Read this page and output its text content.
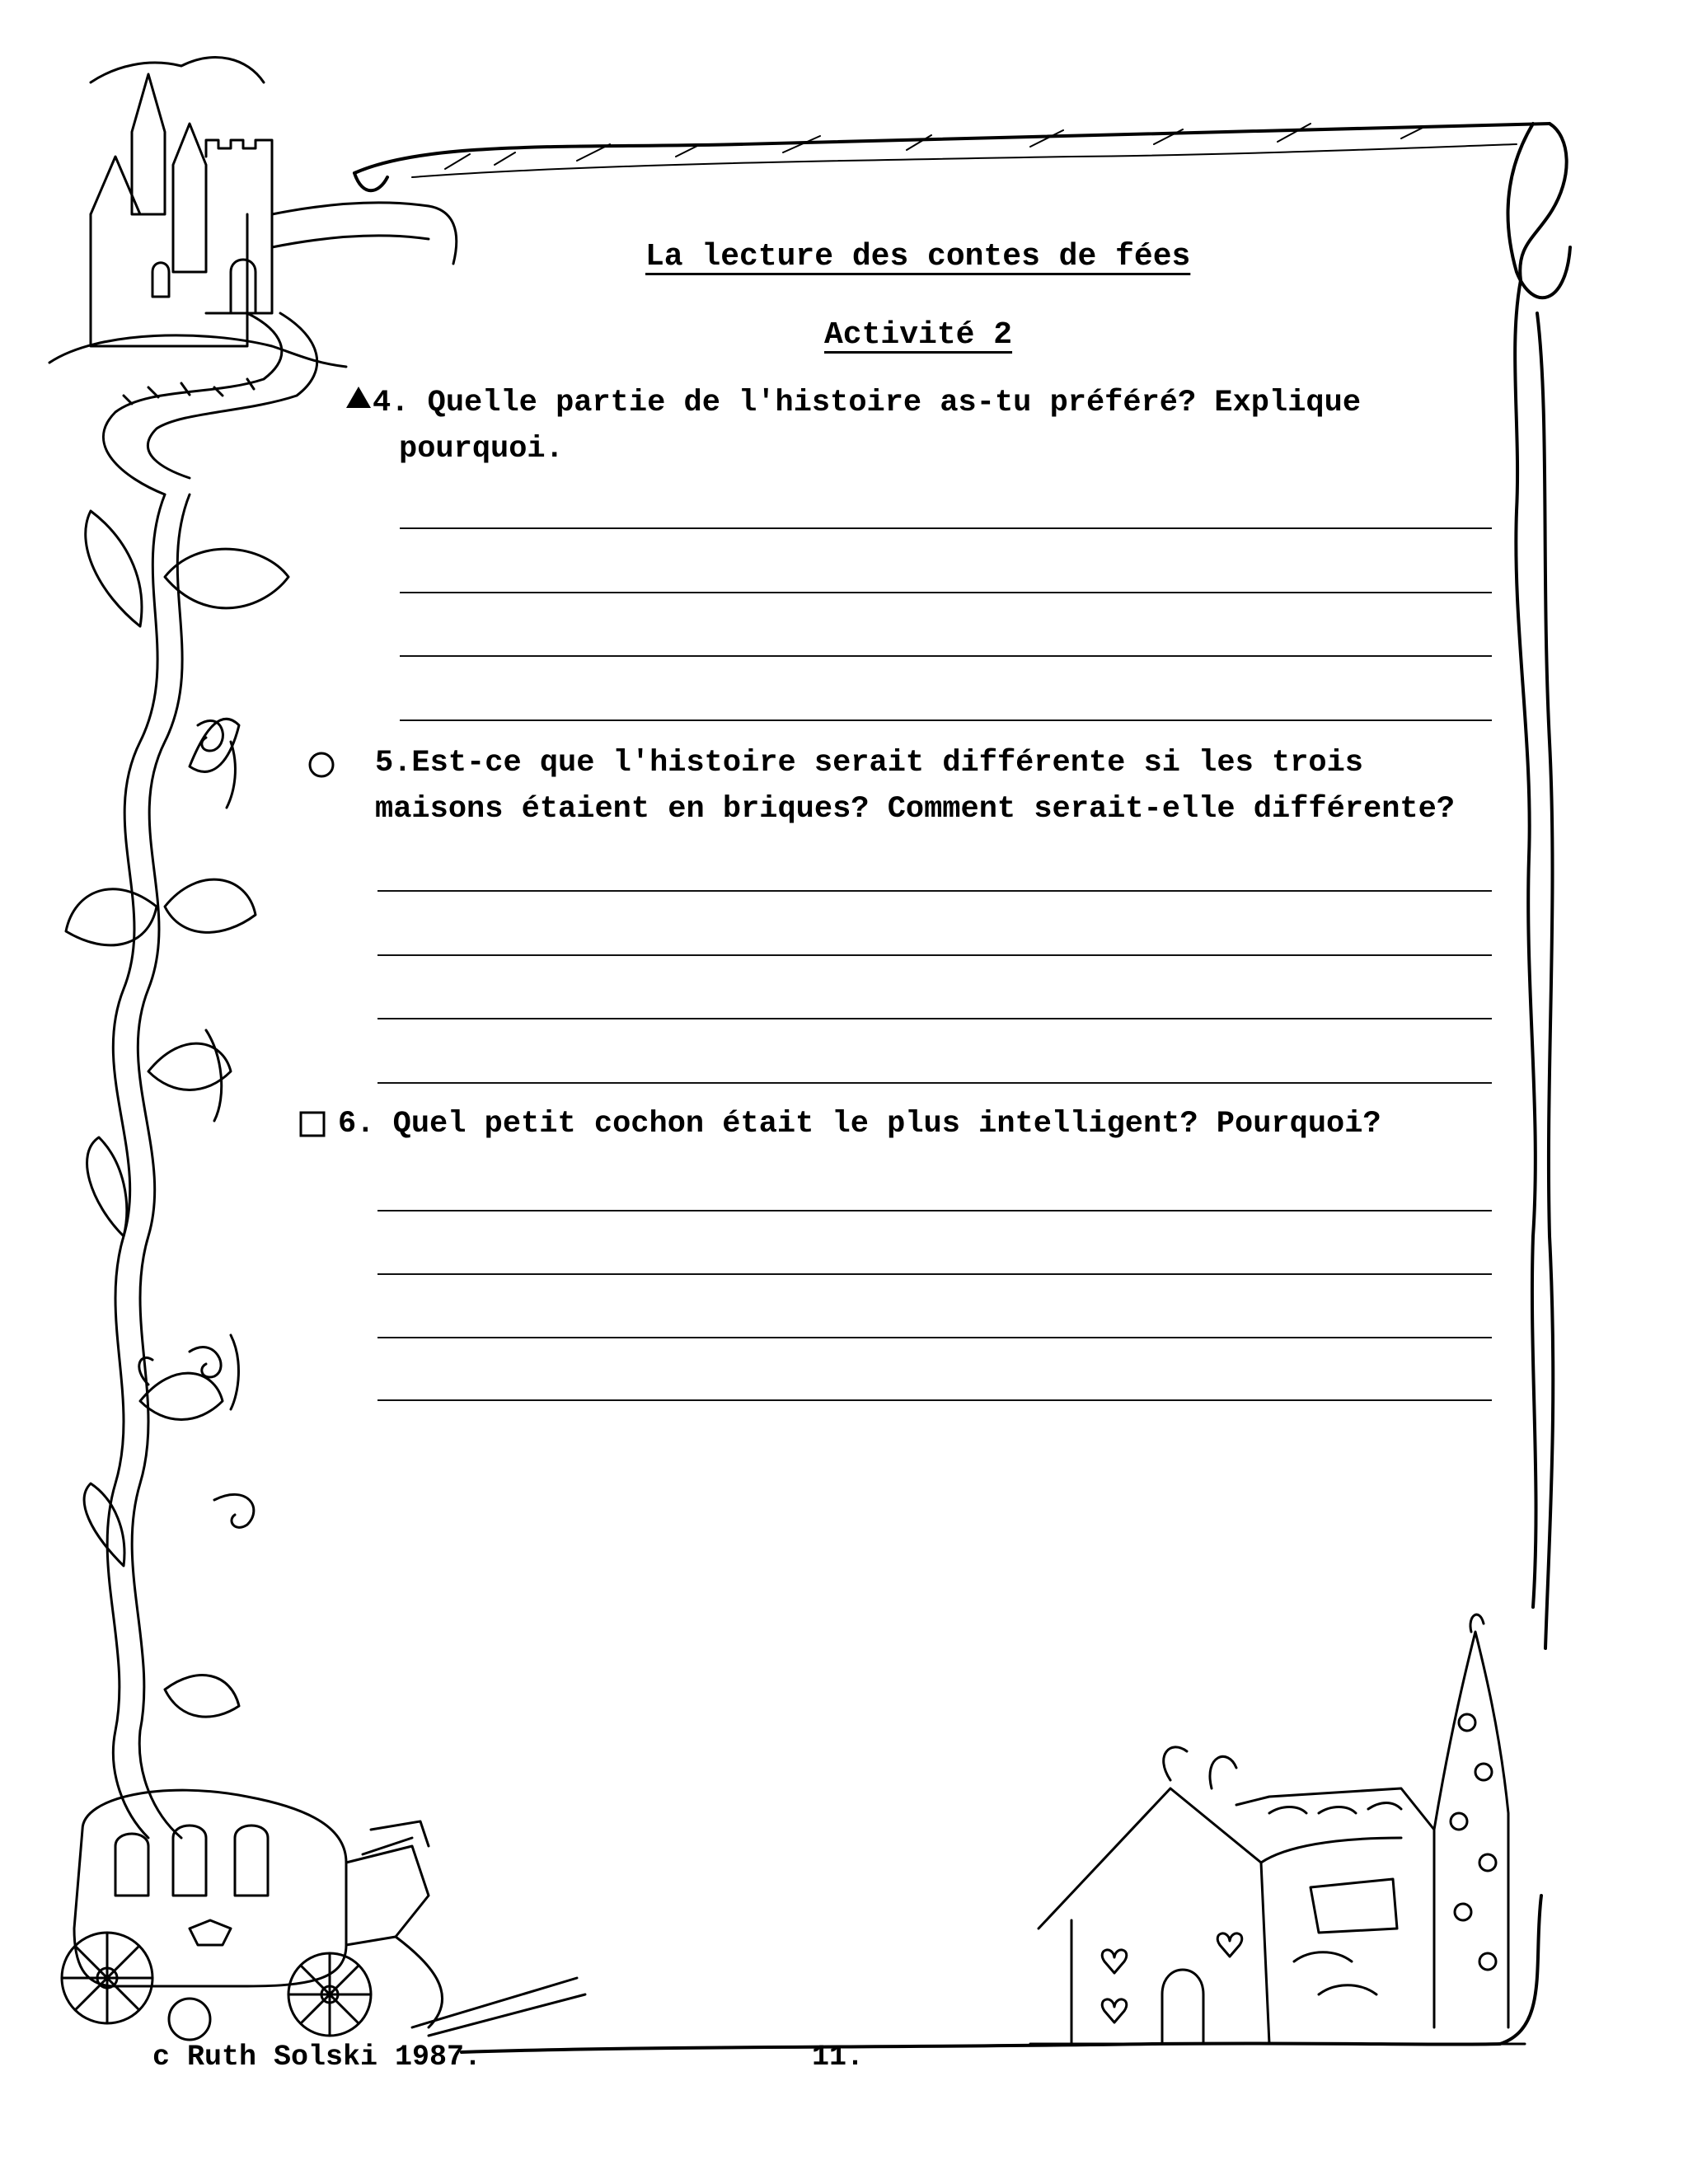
La lecture des contes de fées
Activité 2
4. Quelle partie de l'histoire as-tu préféré? Explique
pourquoi.
5.Est-ce que l'histoire serait différente si les trois
maisons étaient en briques? Comment serait-elle différente?
6. Quel petit cochon était le plus intelligent? Pourquoi?
c Ruth Solski 1987.	11.
